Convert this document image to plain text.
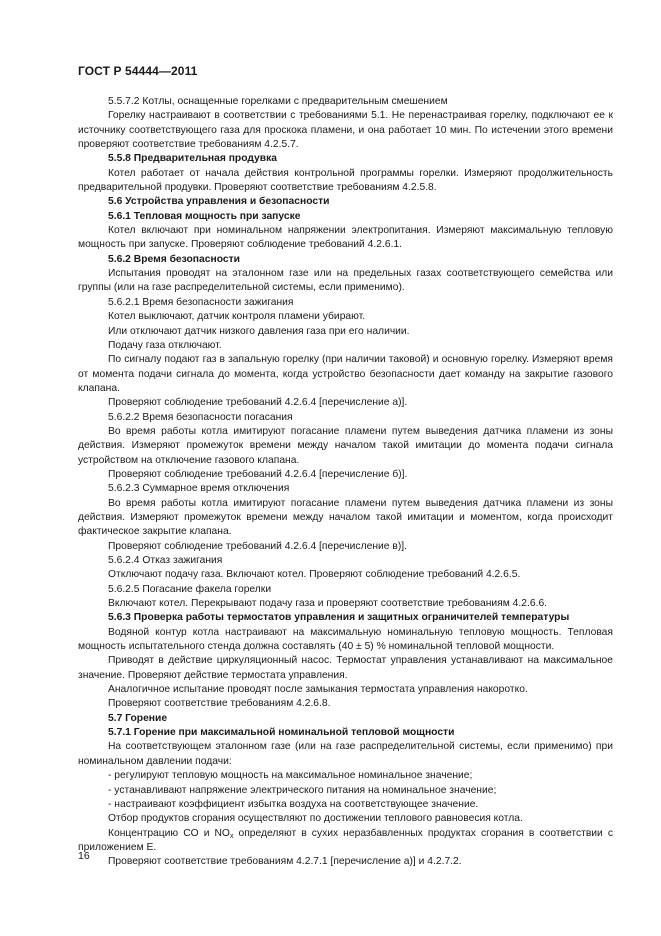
ГОСТ Р 54444—2011

5.5.7.2 Котлы, оснащенные горелками с предварительным смешением

Горелку настраивают в соответствии с требованиями 5.1. Не перенастраивая горелку, подключают ее к источнику соответствующего газа для проскока пламени, и она работает 10 мин. По истечении этого времени проверяют соответствие требованиям 4.2.5.7.

5.5.8 Предварительная продувка

Котел работает от начала действия контрольной программы горелки. Измеряют продолжительность предварительной продувки. Проверяют соответствие требованиям 4.2.5.8.

5.6 Устройства управления и безопасности

5.6.1 Тепловая мощность при запуске

Котел включают при номинальном напряжении электропитания. Измеряют максимальную тепловую мощность при запуске. Проверяют соблюдение требований 4.2.6.1.

5.6.2 Время безопасности

Испытания проводят на эталонном газе или на предельных газах соответствующего семейства или группы (или на газе распределительной системы, если применимо).

5.6.2.1 Время безопасности зажигания

Котел выключают, датчик контроля пламени убирают.

Или отключают датчик низкого давления газа при его наличии.

Подачу газа отключают.

По сигналу подают газ в запальную горелку (при наличии таковой) и основную горелку. Измеряют время от момента подачи сигнала до момента, когда устройство безопасности дает команду на закрытие газового клапана.

Проверяют соблюдение требований 4.2.6.4 [перечисление а)].

5.6.2.2 Время безопасности погасания

Во время работы котла имитируют погасание пламени путем выведения датчика пламени из зоны действия. Измеряют промежуток времени между началом такой имитации до момента подачи сигнала устройством на отключение газового клапана.

Проверяют соблюдение требований 4.2.6.4 [перечисление б)].

5.6.2.3 Суммарное время отключения

Во время работы котла имитируют погасание пламени путем выведения датчика пламени из зоны действия. Измеряют промежуток времени между началом такой имитации и моментом, когда происходит фактическое закрытие клапана.

Проверяют соблюдение требований 4.2.6.4 [перечисление в)].

5.6.2.4 Отказ зажигания

Отключают подачу газа. Включают котел. Проверяют соблюдение требований 4.2.6.5.

5.6.2.5 Погасание факела горелки

Включают котел. Перекрывают подачу газа и проверяют соответствие требованиям 4.2.6.6.

5.6.3 Проверка работы термостатов управления и защитных ограничителей температуры

Водяной контур котла настраивают на максимальную номинальную тепловую мощность. Тепловая мощность испытательного стенда должна составлять (40 ± 5) % номинальной тепловой мощности.

Приводят в действие циркуляционный насос. Термостат управления устанавливают на максимальное значение. Проверяют действие термостата управления.

Аналогичное испытание проводят после замыкания термостата управления накоротко.

Проверяют соответствие требованиям 4.2.6.8.

5.7 Горение

5.7.1 Горение при максимальной номинальной тепловой мощности

На соответствующем эталонном газе (или на газе распределительной системы, если применимо) при номинальном давлении подачи:

- регулируют тепловую мощность на максимальное номинальное значение;

- устанавливают напряжение электрического питания на номинальное значение;

- настраивают коэффициент избытка воздуха на соответствующее значение.

Отбор продуктов сгорания осуществляют по достижении теплового равновесия котла.

Концентрацию CO и $NO_x$ определяют в сухих неразбавленных продуктах сгорания в соответствии с приложением Е.

Проверяют соответствие требованиям 4.2.7.1 [перечисление а)] и 4.2.7.2.

16
